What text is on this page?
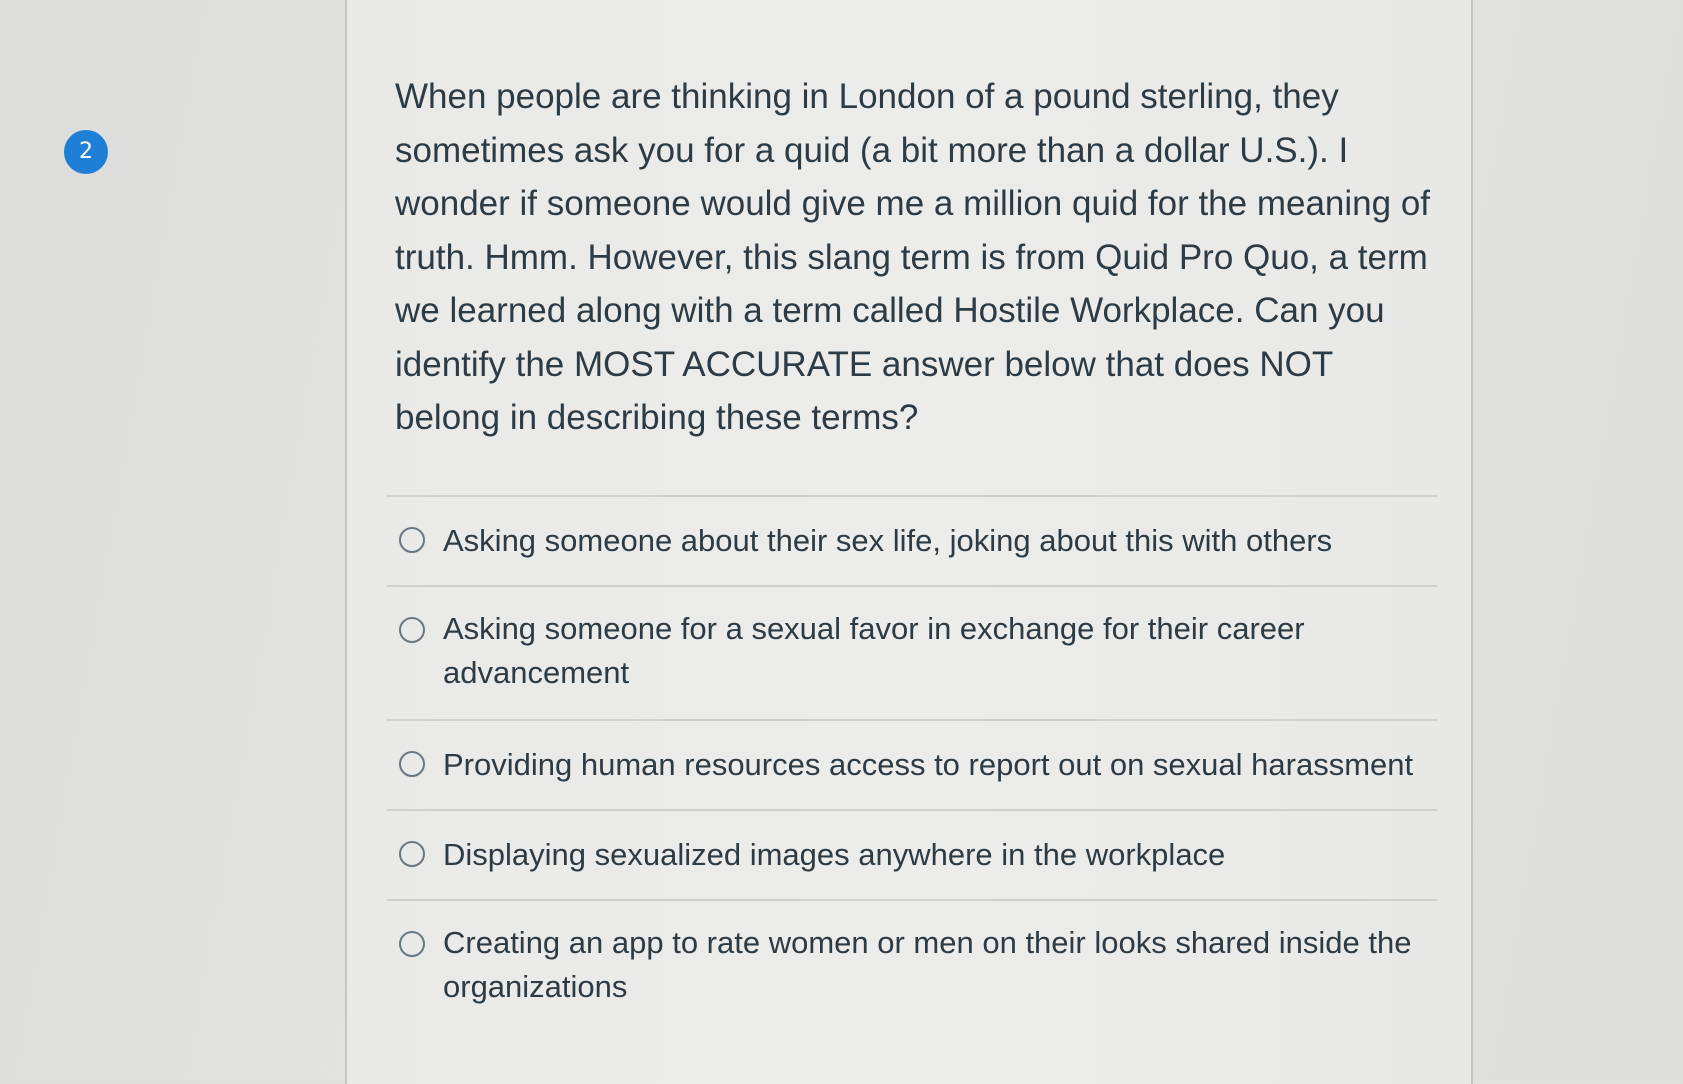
2

When people are thinking in London of a pound sterling, they sometimes ask you for a quid (a bit more than a dollar U.S.). I wonder if someone would give me a million quid for the meaning of truth. Hmm. However, this slang term is from Quid Pro Quo, a term we learned along with a term called Hostile Workplace. Can you identify the MOST ACCURATE answer below that does NOT belong in describing these terms?

Asking someone about their sex life, joking about this with others
Asking someone for a sexual favor in exchange for their career advancement
Providing human resources access to report out on sexual harassment
Displaying sexualized images anywhere in the workplace
Creating an app to rate women or men on their looks shared inside the organizations
